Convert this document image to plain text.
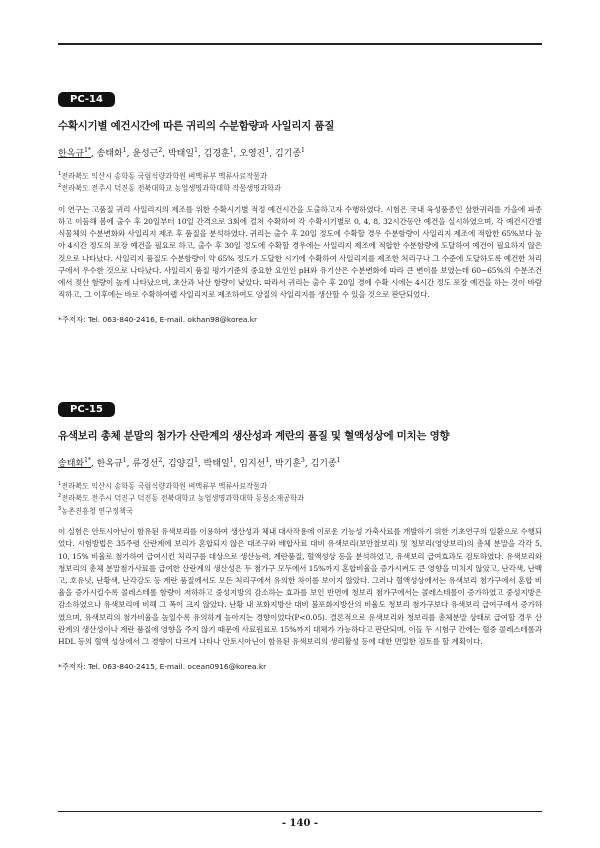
PC-14
수확시기별 예건시간에 따른 귀리의 수분함량과 사일리지 품질
한옥규$^{1*}$, 송태화$^1$, 윤성근$^2$, 박태일$^1$, 김경훈$^1$, 오영진$^1$, 김기종$^1$
$^1$전라북도 익산시 송학동 국립식량과학원 벼맥류부 맥류사료작물과
$^2$전라북도 전주시 덕진동 전북대학교 농업생명과학대학 작물생명과학과
이 연구는 고품질 귀리 사일리지의 제조를 위한 수확시기별 적정 예건시간을 도출하고자 수행하였다. 시험은 국내 육성품종인 삼한귀리를 가을에 파종하고 이듬해 봄에 출수 후 20일부터 10일 간격으로 3회에 걸쳐 수확하여 각 수확시기별로 0, 4, 8, 32시간동안 예건을 실시하였으며, 각 예건시간별 식물체의 수분변화와 사일리지 제조 후 품질을 분석하였다. 귀리는 출수 후 20일 정도에 수확할 경우 수분함량이 사일리지 제조에 적합한 65%보다 높아 4시간 정도의 포장 예건을 필요로 하고, 출수 후 30일 정도에 수확할 경우에는 사일리지 제조에 적합한 수분함량에 도달하여 예건이 필요하지 않은 것으로 나타났다. 사일리지 품질도 수분함량이 약 65% 정도가 도달한 시기에 수확하여 사일리지를 제조한 처리구나 그 수준에 도달하도록 예건한 처리구에서 우수한 것으로 나타났다. 사일리지 품질 평가기준의 중요한 요인인 pH와 유기산은 수분변화에 따라 큰 변이를 보였는데 60~65%의 수분조건에서 젖산 함량이 높게 나타났으며, 초산과 낙산 함량이 낮았다. 따라서 귀리는 출수 후 20일 경에 수확 시에는 4시간 정도 포장 예건을 하는 것이 바람직하고, 그 이후에는 바로 수확하여랩 사일리지로 제조하여도 양질의 사일리지를 생산할 수 있을 것으로 판단되었다.
*주저자: Tel. 063-840-2416, E-mail. okhan98@korea.kr
PC-15
유색보리 총체 분말의 첨가가 산란계의 생산성과 계란의 품질 및 혈액성상에 미치는 영향
송태화$^{1*}$, 한옥규$^1$, 류경선$^2$, 김양길$^1$, 박태일$^1$, 임지선$^1$, 박기훈$^3$, 김기종$^1$
$^1$전라북도 익산시 송학동 국립식량과학원 벼맥류부 맥류사료작물과
$^2$전라북도 전주시 덕진구 덕진동 전북대학교 농업생명과학대학 동물소재공학과
$^3$농촌진흥청 연구정책국
이 실험은 안토시아닌이 함유된 유색보리를 이용하여 생산성과 체내 대사작용에 이로운 기능성 가축사료를 개발하기 위한 기초연구의 일환으로 수행되었다. 시험방법은 35주령 산란계에 보리가 혼합되지 않은 대조구와 배합사료 대비 유색보리(보안찰보리) 및 청보리(영양보리)의 총체 분말을 각각 5, 10, 15% 비율로 첨가하여 급여시킨 처리구를 대상으로 생산능력, 계란품질, 혈액성상 등을 분석하였고, 유색보리 급여효과도 검토하였다. 유색보리와 청보리의 총체 분말첨가사료를 급여한 산란계의 생산성은 두 첨가구 모두에서 15%까지 혼합비율을 증가시켜도 큰 영향을 미치지 않았고, 난각색, 난백고, 호유닛, 난황색, 난각강도 등 계란 품질에서도 모든 처리구에서 유의한 차이를 보이지 않았다. 그러나 혈액성상에서는 유색보리 첨가구에서 혼합 비율을 증가시킬수록 콜레스테롤 함량이 저하하고 중성지방의 감소하는 효과를 보인 반면에 청보리 첨가구에서는 콜레스테롤이 증가하였고 중성지방은 감소하였으나 유색보리에 비해 그 폭이 크지 않았다. 난황 내 포화지방산 대비 불포화지방산의 비율도 청보리 첨가구보다 유색보리 급여구에서 증가하였으며, 유색보리의 첨가비율을 높일수록 유의하게 높아지는 경향이었다(P<0.05). 결론적으로 유색보리와 청보리를 총체분말 상태로 급여할 경우 산란계의 생산성이나 계란 품질에 영향을 주지 않기 때문에 사료원료로 15%까지 대체가 가능하다고 판단되며, 이들 두 시험구 간에는 혈중 콜레스테롤과 HDL 등의 혈액 성상에서 그 경향이 다르게 나타나 안토시아닌이 함유된 유색보리의 생리활성 등에 대한 면밀한 검토를 할 계획이다.
*주저자: Tel. 063-840-2415, E-mail. ocean0916@korea.kr
- 140 -
